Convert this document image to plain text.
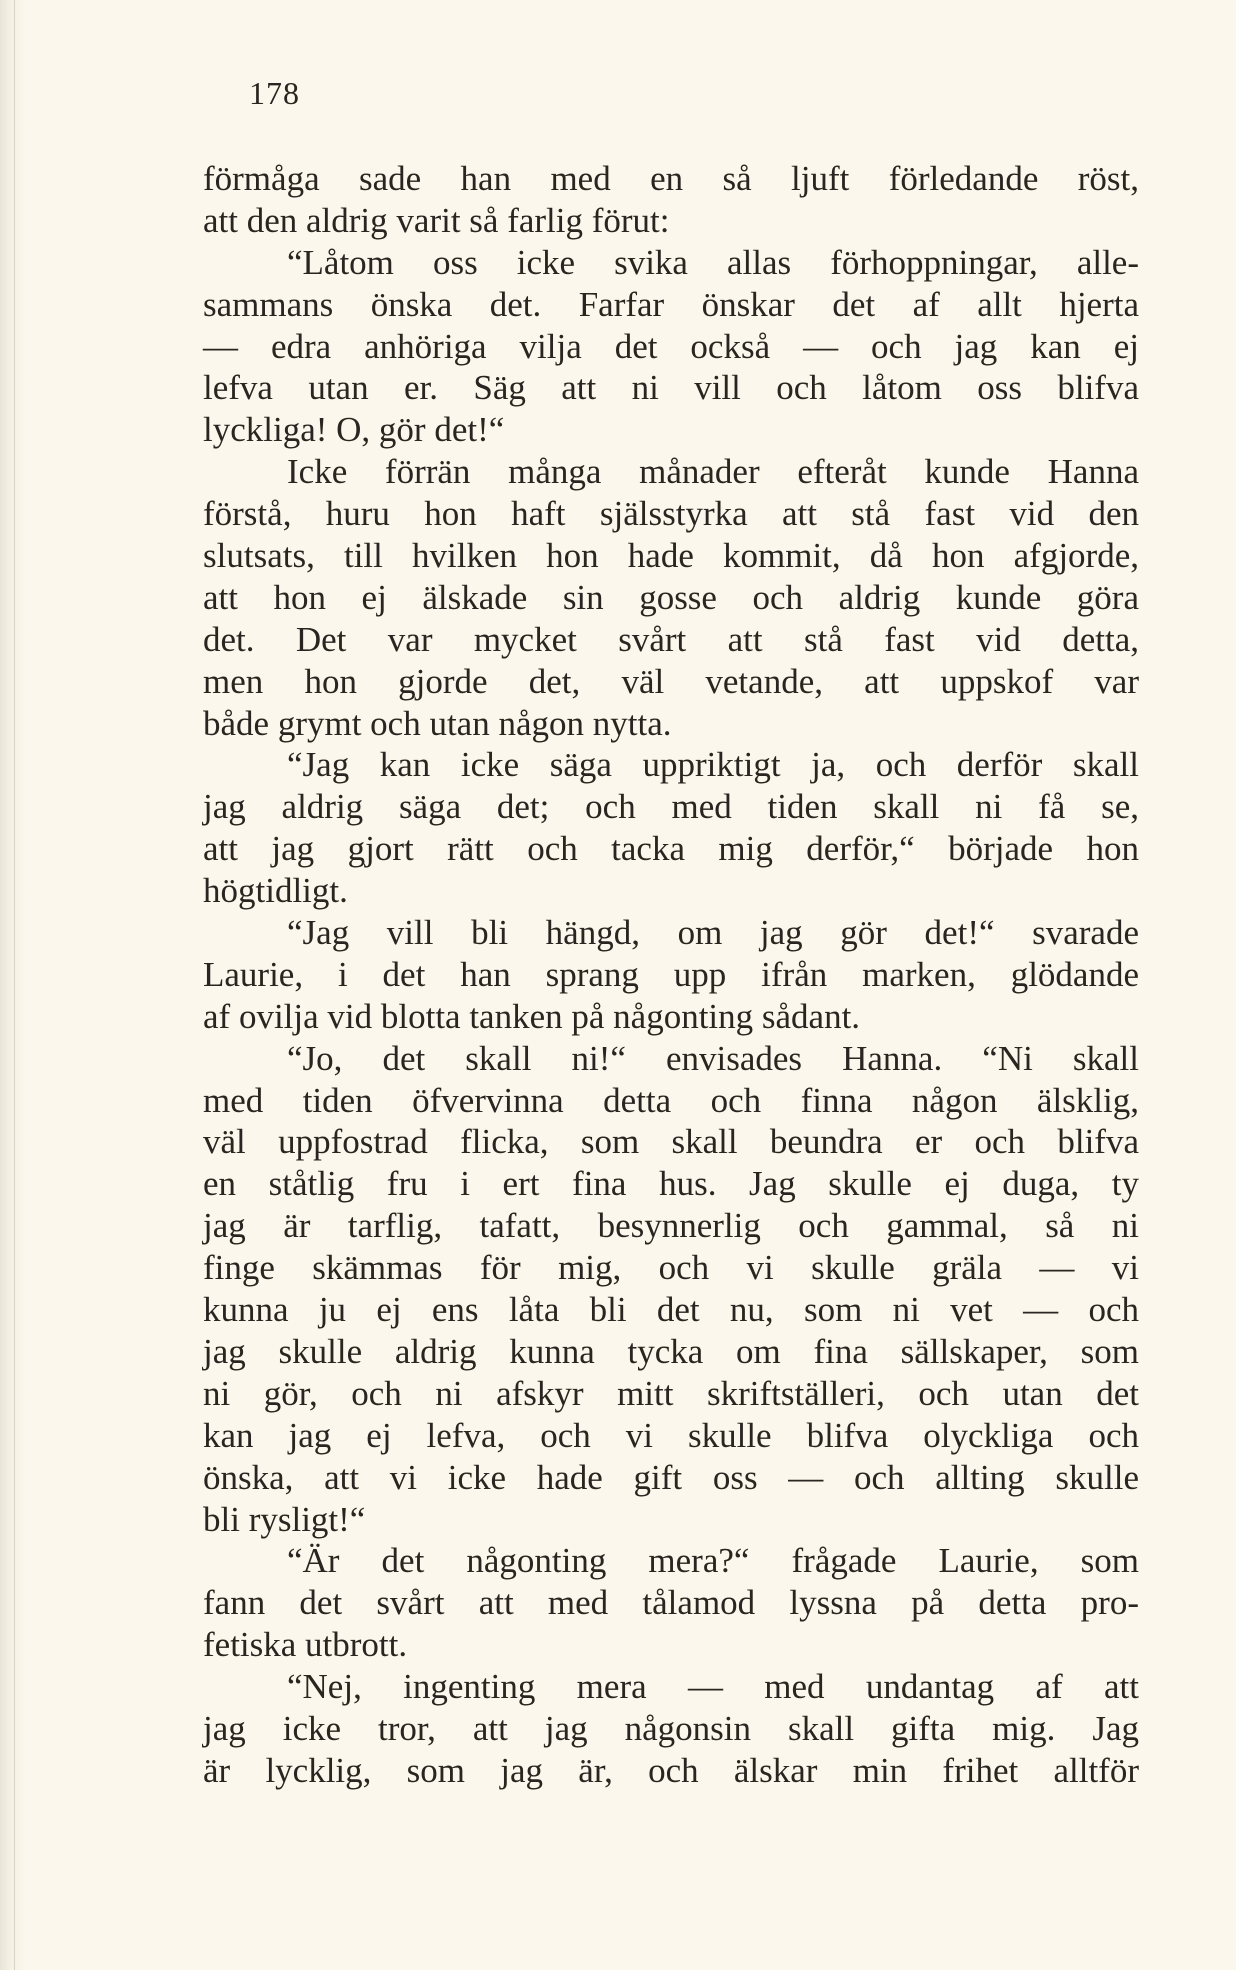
178
förmåga sade han med en så ljuft förledande röst,
att den aldrig varit så farlig förut:
“Låtom oss icke svika allas förhoppningar, alle-
sammans önska det. Farfar önskar det af allt hjerta
— edra anhöriga vilja det också — och jag kan ej
lefva utan er. Säg att ni vill och låtom oss blifva
lyckliga! O, gör det!“
Icke förrän många månader efteråt kunde Hanna
förstå, huru hon haft själsstyrka att stå fast vid den
slutsats, till hvilken hon hade kommit, då hon afgjorde,
att hon ej älskade sin gosse och aldrig kunde göra
det. Det var mycket svårt att stå fast vid detta,
men hon gjorde det, väl vetande, att uppskof var
både grymt och utan någon nytta.
“Jag kan icke säga uppriktigt ja, och derför skall
jag aldrig säga det; och med tiden skall ni få se,
att jag gjort rätt och tacka mig derför,“ började hon
högtidligt.
“Jag vill bli hängd, om jag gör det!“ svarade
Laurie, i det han sprang upp ifrån marken, glödande
af ovilja vid blotta tanken på någonting sådant.
“Jo, det skall ni!“ envisades Hanna. “Ni skall
med tiden öfvervinna detta och finna någon älsklig,
väl uppfostrad flicka, som skall beundra er och blifva
en ståtlig fru i ert fina hus. Jag skulle ej duga, ty
jag är tarflig, tafatt, besynnerlig och gammal, så ni
finge skämmas för mig, och vi skulle gräla — vi
kunna ju ej ens låta bli det nu, som ni vet — och
jag skulle aldrig kunna tycka om fina sällskaper, som
ni gör, och ni afskyr mitt skriftställeri, och utan det
kan jag ej lefva, och vi skulle blifva olyckliga och
önska, att vi icke hade gift oss — och allting skulle
bli rysligt!“
“Är det någonting mera?“ frågade Laurie, som
fann det svårt att med tålamod lyssna på detta pro-
fetiska utbrott.
“Nej, ingenting mera — med undantag af att
jag icke tror, att jag någonsin skall gifta mig. Jag
är lycklig, som jag är, och älskar min frihet alltför
